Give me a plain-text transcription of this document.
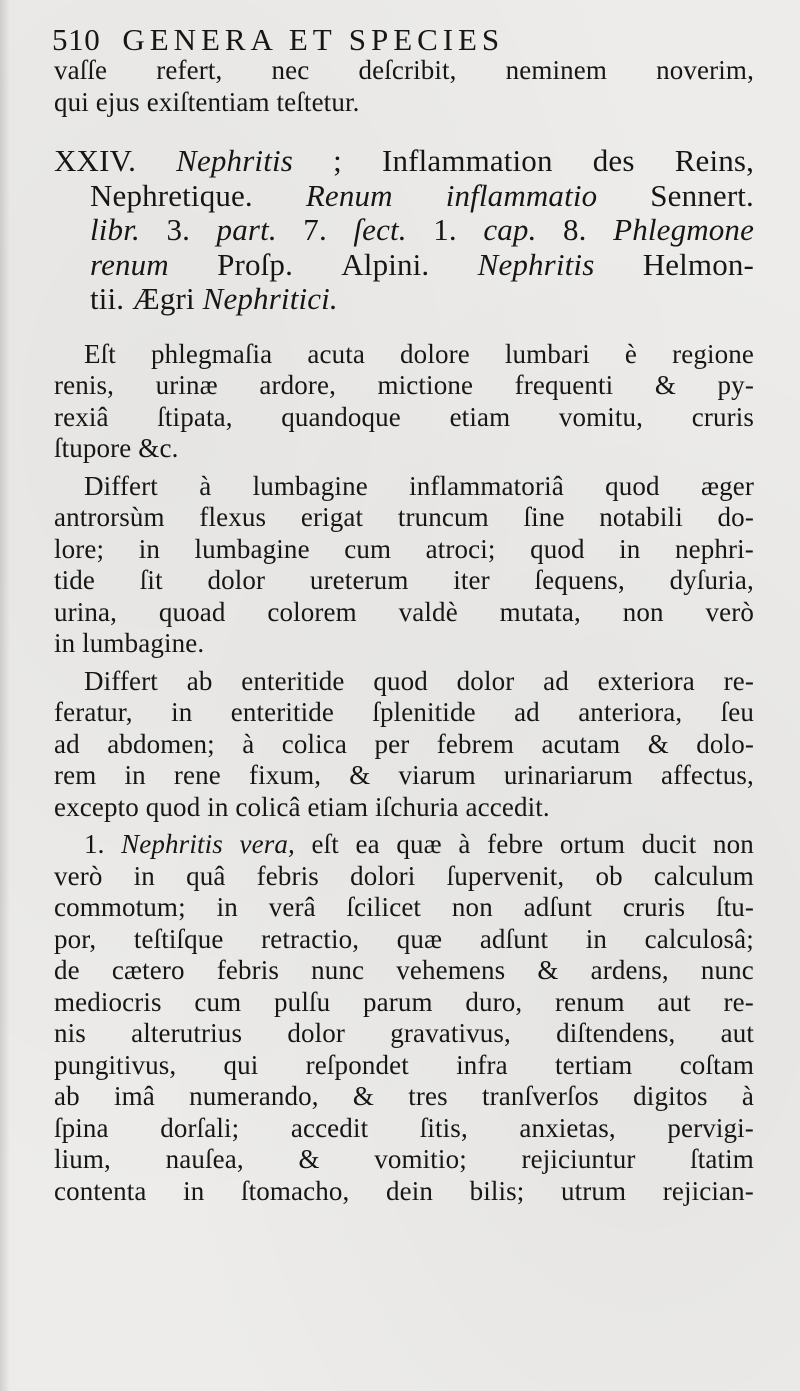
510 GENERA ET SPECIES
vaſſe refert, nec deſcribit, neminem noverim,
qui ejus exiſtentiam teſtetur.
XXIV. Nephritis ; Inflammation des Reins,
Nephretique. Renum inflammatio Sennert.
libr. 3. part. 7. ſect. 1. cap. 8. Phlegmone
renum Proſp. Alpini. Nephritis Helmon-
tii. Ægri Nephritici.
Eſt phlegmaſia acuta dolore lumbari è regione
renis, urinæ ardore, mictione frequenti & py-
rexiâ ſtipata, quandoque etiam vomitu, cruris
ſtupore &c.
Differt à lumbagine inflammatoriâ quod æger
antrorsùm flexus erigat truncum ſine notabili do-
lore; in lumbagine cum atroci; quod in nephri-
tide ſit dolor ureterum iter ſequens, dyſuria,
urina, quoad colorem valdè mutata, non verò
in lumbagine.
Differt ab enteritide quod dolor ad exteriora re-
feratur, in enteritide ſplenitide ad anteriora, ſeu
ad abdomen; à colica per febrem acutam & dolo-
rem in rene fixum, & viarum urinariarum affectus,
excepto quod in colicâ etiam iſchuria accedit.
1. Nephritis vera, eſt ea quæ à febre ortum ducit non
verò in quâ febris dolori ſupervenit, ob calculum
commotum; in verâ ſcilicet non adſunt cruris ſtu-
por, teſtiſque retractio, quæ adſunt in calculosâ;
de cætero febris nunc vehemens & ardens, nunc
mediocris cum pulſu parum duro, renum aut re-
nis alterutrius dolor gravativus, diſtendens, aut
pungitivus, qui reſpondet infra tertiam coſtam
ab imâ numerando, & tres tranſverſos digitos à
ſpina dorſali; accedit ſitis, anxietas, pervigi-
lium, nauſea, & vomitio; rejiciuntur ſtatim
contenta in ſtomacho, dein bilis; utrum rejician-
